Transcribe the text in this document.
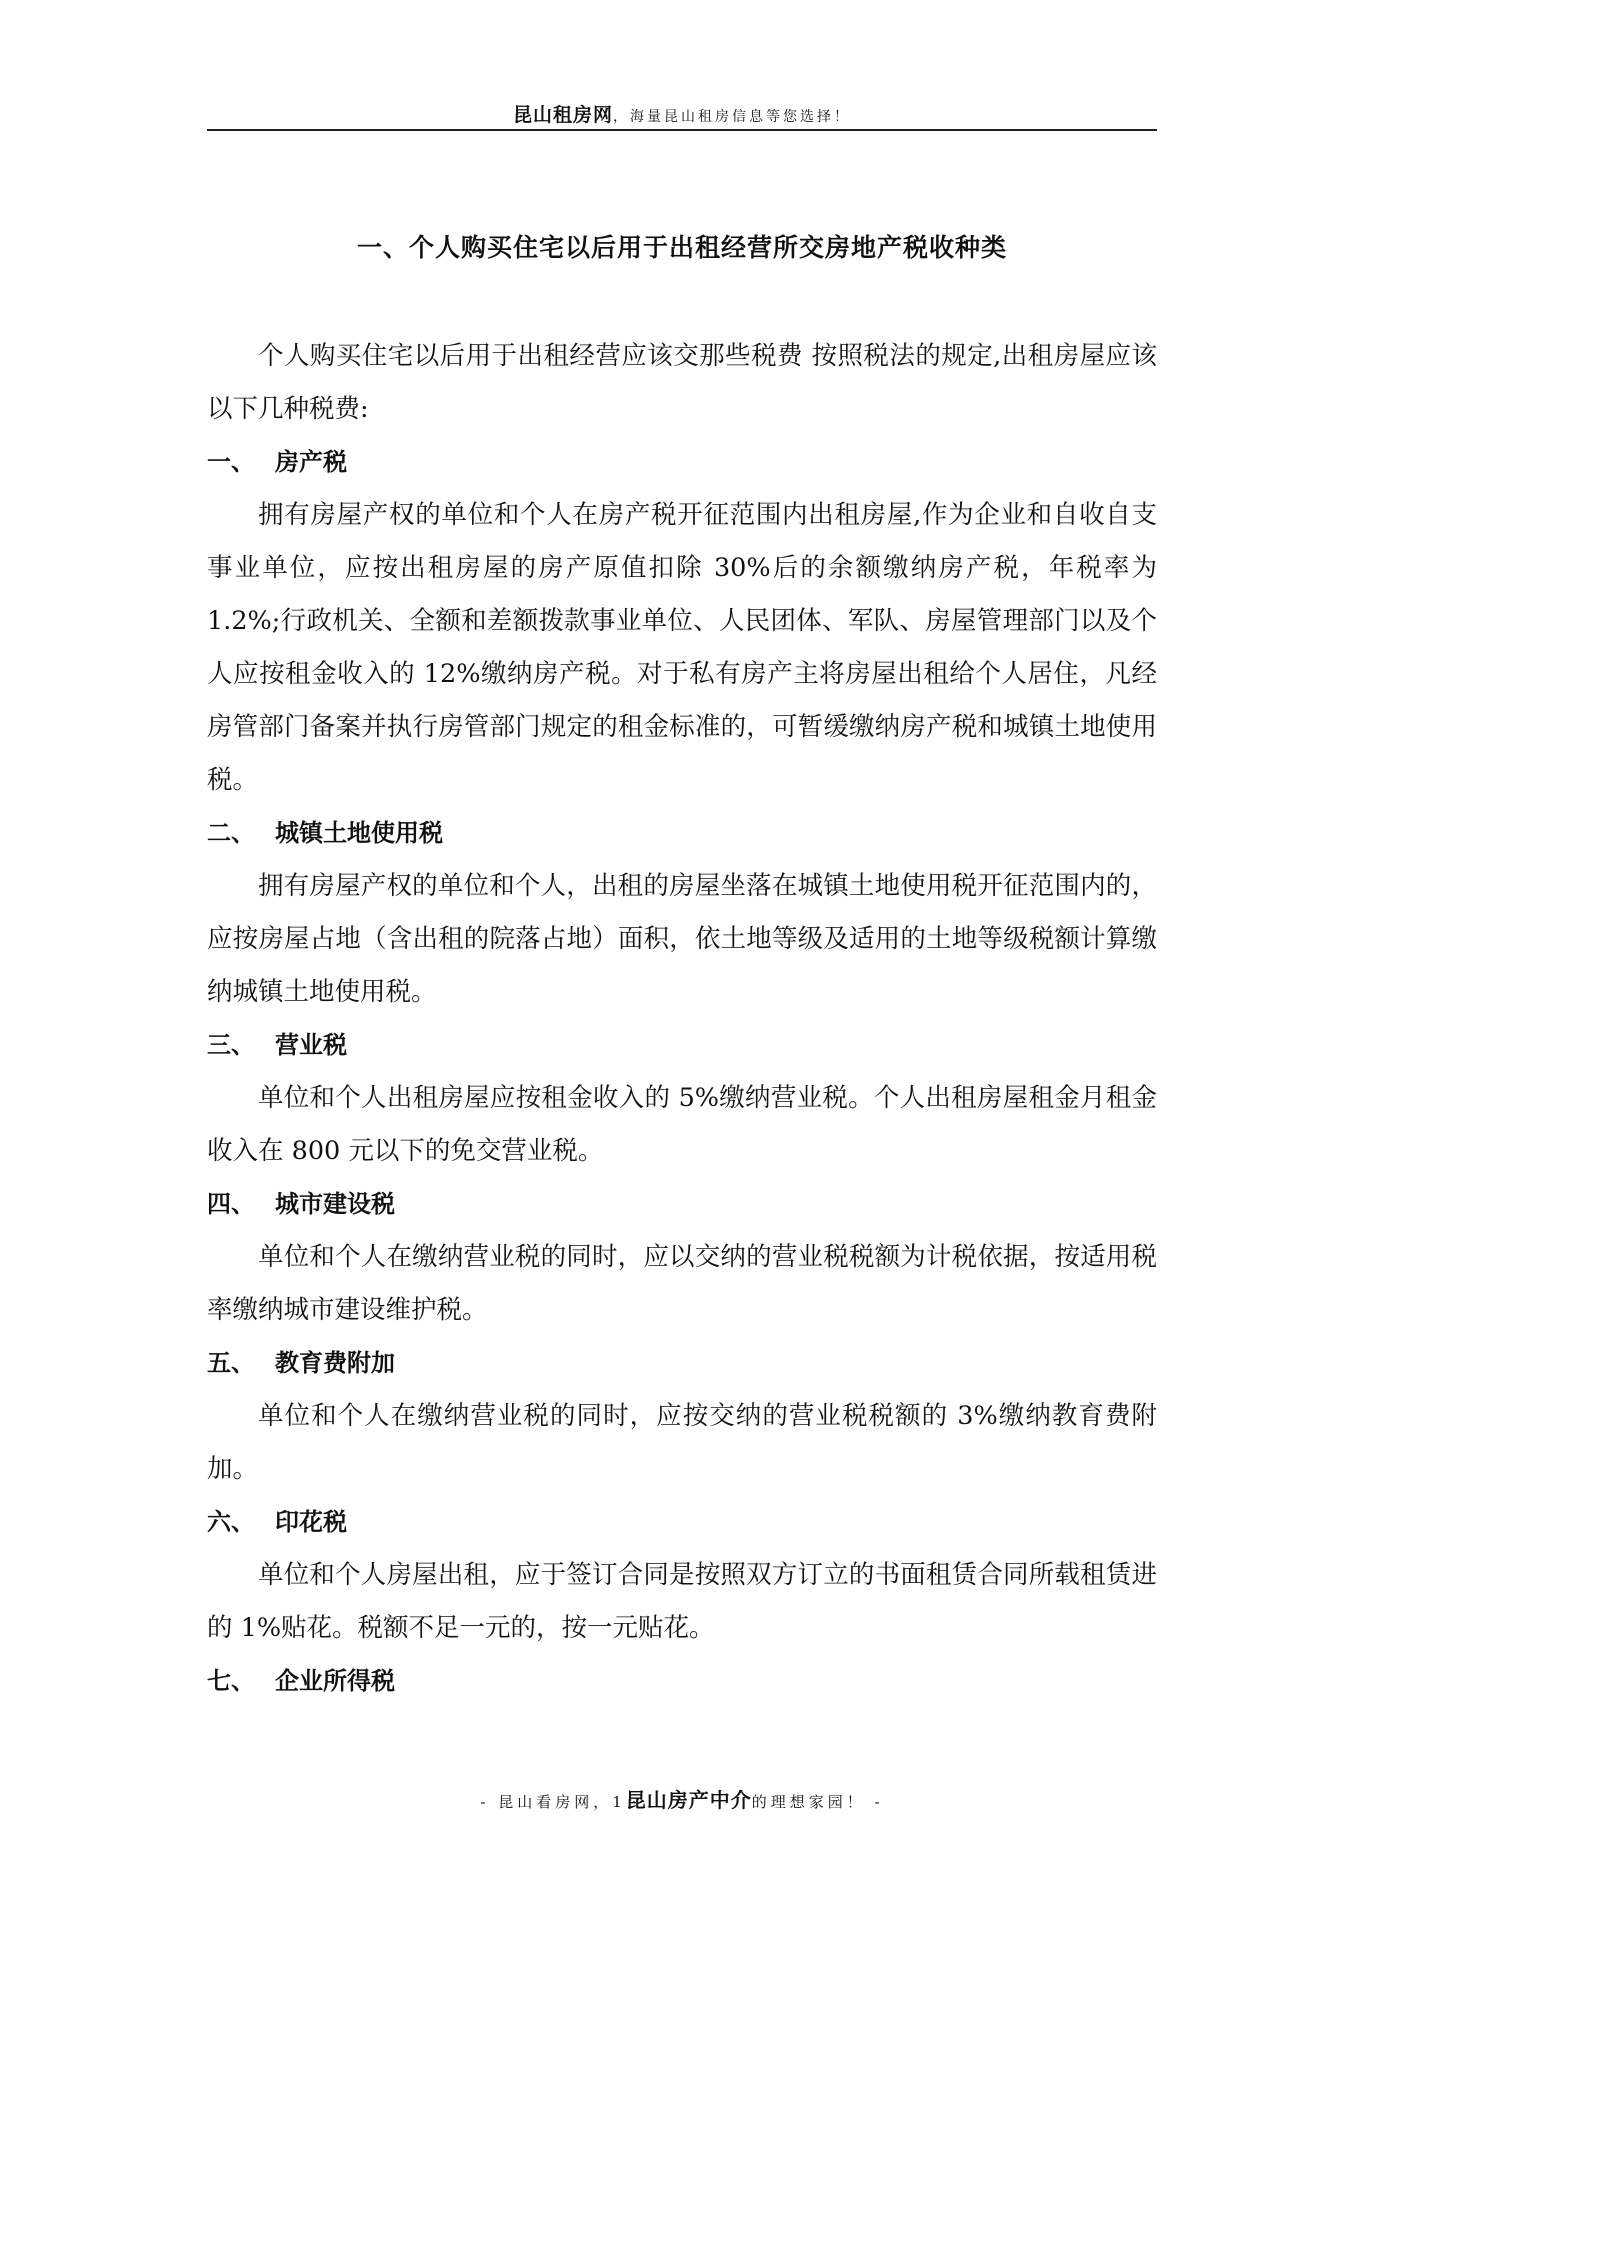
昆山租房网，海量昆山租房信息等您选择！
一、个人购买住宅以后用于出租经营所交房地产税收种类

个人购买住宅以后用于出租经营应该交那些税费 按照税法的规定,出租房屋应该以下几种税费:

一、 房产税

拥有房屋产权的单位和个人在房产税开征范围内出租房屋,作为企业和自收自支事业单位，应按出租房屋的房产原值扣除 30%后的余额缴纳房产税，年税率为 1.2%;行政机关、全额和差额拨款事业单位、人民团体、军队、房屋管理部门以及个人应按租金收入的 12%缴纳房产税。对于私有房产主将房屋出租给个人居住，凡经房管部门备案并执行房管部门规定的租金标准的，可暂缓缴纳房产税和城镇土地使用税。

二、 城镇土地使用税

拥有房屋产权的单位和个人，出租的房屋坐落在城镇土地使用税开征范围内的，应按房屋占地（含出租的院落占地）面积，依土地等级及适用的土地等级税额计算缴纳城镇土地使用税。

三、 营业税

单位和个人出租房屋应按租金收入的 5%缴纳营业税。个人出租房屋租金月租金收入在 800 元以下的免交营业税。

四、 城市建设税

单位和个人在缴纳营业税的同时，应以交纳的营业税税额为计税依据，按适用税率缴纳城市建设维护税。

五、 教育费附加

单位和个人在缴纳营业税的同时，应按交纳的营业税税额的 3%缴纳教育费附加。

六、 印花税

单位和个人房屋出租，应于签订合同是按照双方订立的书面租赁合同所载租赁进的 1%贴花。税额不足一元的，按一元贴花。

七、 企业所得税

- 昆山看房网，1昆山房产中介的理想家园！ -
